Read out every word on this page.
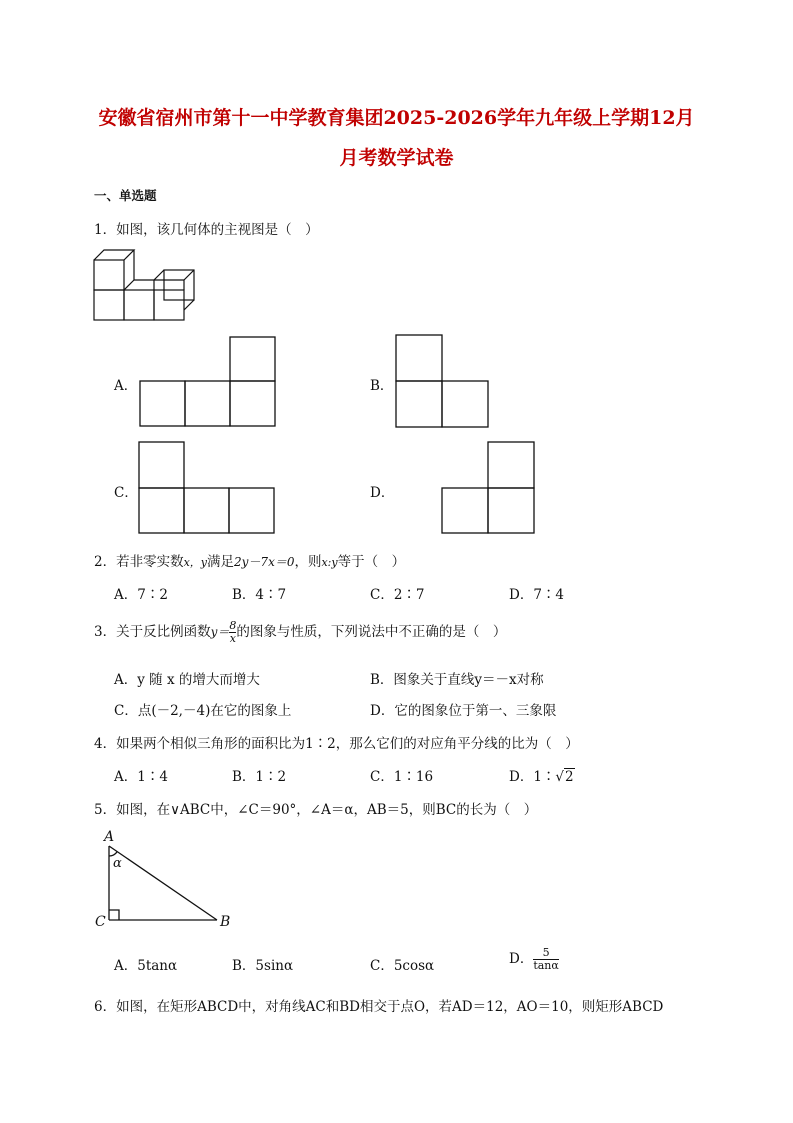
安徽省宿州市第十一中学教育集团2025-2026学年九年级上学期12月
月考数学试卷
一、单选题
1．如图，该几何体的主视图是（　）
A．	B．
C．	D．
2．若非零实数x，y满足2y－7x＝0，则x:y等于（　）
A．7∶2	B．4∶7	C．2∶7	D．7∶4
3．关于反比例函数$y= \frac{8}{x}$ 的图象与性质，下列说法中不正确的是（　）
A．y 随 x 的增大而增大	B．图象关于直线y＝－x对称
C．点(－2,－4)在它的图象上	D．它的图象位于第一、三象限
4．如果两个相似三角形的面积比为1∶2，那么它们的对应角平分线的比为（　）
A．1∶4	B．1∶2	C．1∶16	D．1∶√2
5．如图，在∨ABC中，∠C＝90°，∠A＝α，AB＝5，则BC的长为（　）
A
α
C	B
A．5tanα	B．5sinα	C．5cosα	D． $\frac{5}{\tan\alpha}$
6．如图，在矩形ABCD中，对角线AC和BD相交于点O，若AD＝12，AO＝10，则矩形ABCD
